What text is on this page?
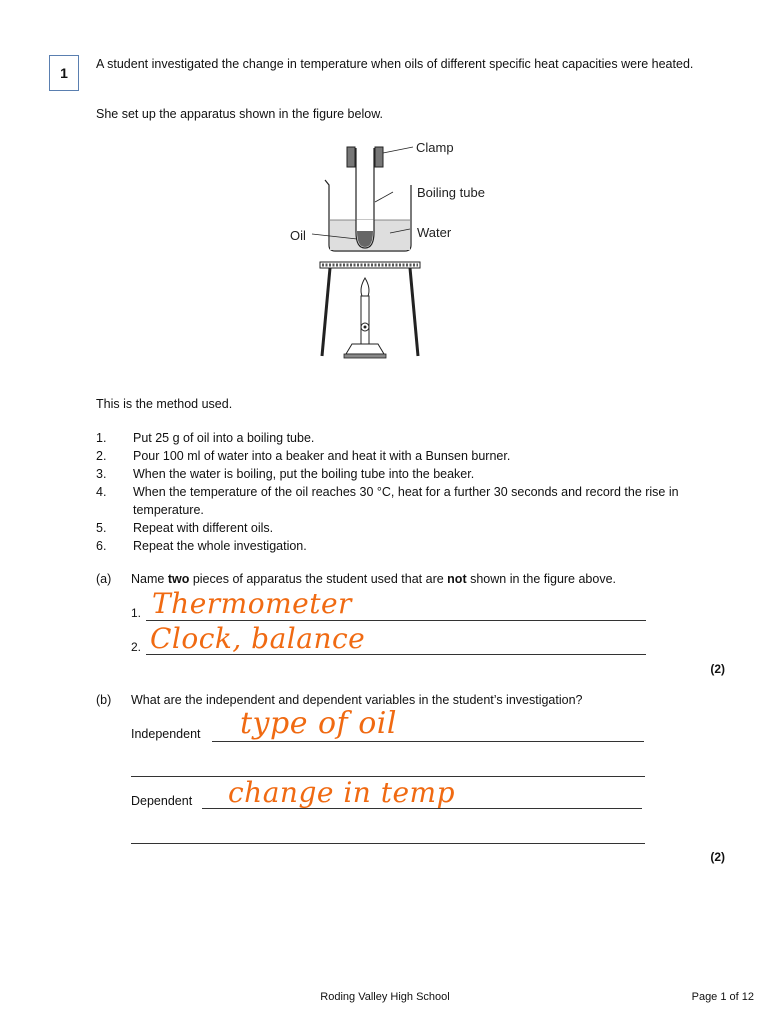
1
A student investigated the change in temperature when oils of different specific heat capacities were heated.
She set up the apparatus shown in the figure below.
Clamp
Boiling tube
Water
Oil
This is the method used.
1. Put 25 g of oil into a boiling tube.
2. Pour 100 ml of water into a beaker and heat it with a Bunsen burner.
3. When the water is boiling, put the boiling tube into the beaker.
4. When the temperature of the oil reaches 30 °C, heat for a further 30 seconds and record the rise in temperature.
5. Repeat with different oils.
6. Repeat the whole investigation.
(a) Name two pieces of apparatus the student used that are not shown in the figure above.
1. Thermometer
2. Clock, balance
(2)
(b) What are the independent and dependent variables in the student’s investigation?
Independent type of oil
Dependent change in temp
(2)
Roding Valley High School	Page 1 of 12
